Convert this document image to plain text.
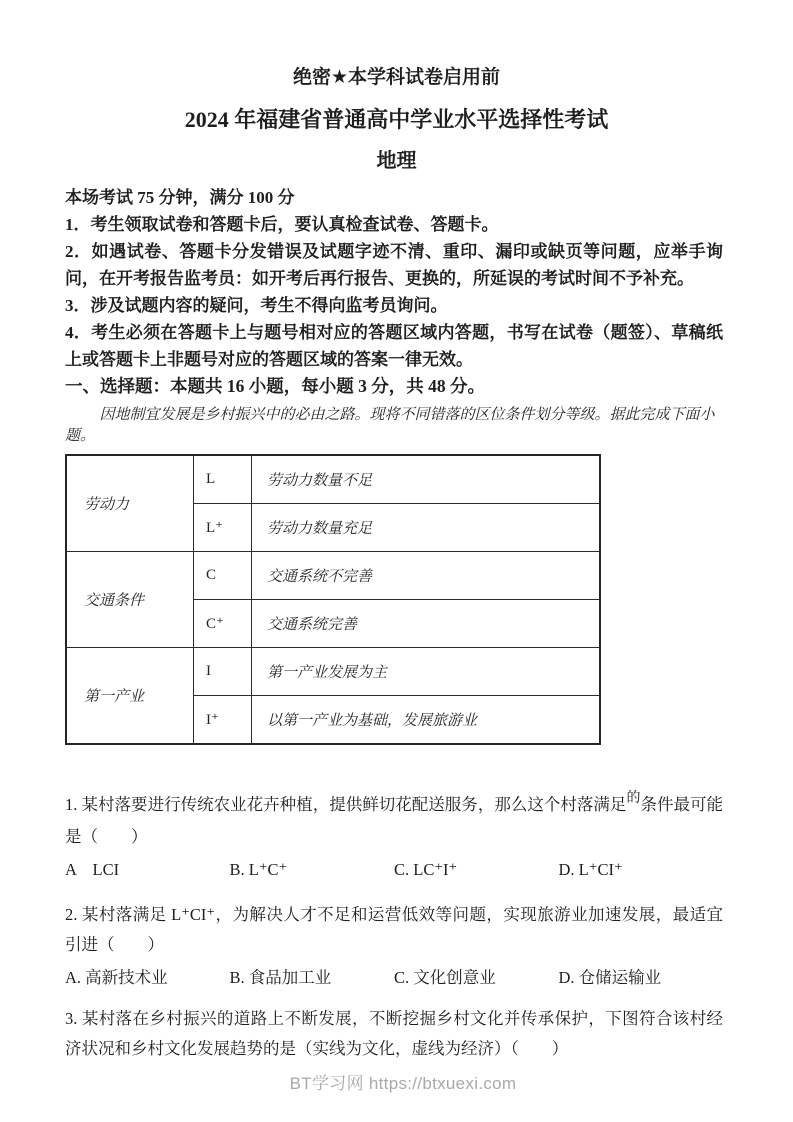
绝密★本学科试卷启用前
2024 年福建省普通高中学业水平选择性考试
地理

本场考试 75 分钟，满分 100 分

1．考生领取试卷和答题卡后，要认真检查试卷、答题卡。

2．如遇试卷、答题卡分发错误及试题字迹不清、重印、漏印或缺页等问题，应举手询问，在开考报告监考员：如开考后再行报告、更换的，所延误的考试时间不予补充。

3．涉及试题内容的疑问，考生不得向监考员询问。

4．考生必须在答题卡上与题号相对应的答题区域内答题，书写在试卷（题签）、草稿纸上或答题卡上非题号对应的答题区域的答案一律无效。

一、选择题：本题共 16 小题，每小题 3 分，共 48 分。

因地制宜发展是乡村振兴中的必由之路。现将不同错落的区位条件划分等级。据此完成下面小题。

劳动力	L	劳动力数量不足
	L⁺	劳动力数量充足
交通条件	C	交通系统不完善
	C⁺	交通系统完善
第一产业	I	第一产业发展为主
	I⁺	以第一产业为基础，发展旅游业

1. 某村落要进行传统农业花卉种植，提供鲜切花配送服务，那么这个村落满足$^的$条件最可能是（　　）

A　LCI	B. L⁺C⁺	C. LC⁺I⁺	D. L⁺CI⁺

2. 某村落满足 L⁺CI⁺，为解决人才不足和运营低效等问题，实现旅游业加速发展，最适宜引进（　　）

A. 高新技术业	B. 食品加工业	C. 文化创意业	D. 仓储运输业

3. 某村落在乡村振兴的道路上不断发展，不断挖掘乡村文化并传承保护，下图符合该村经济状况和乡村文化发展趋势的是（实线为文化，虚线为经济）（　　）

BT学习网 https://btxuexi.com
